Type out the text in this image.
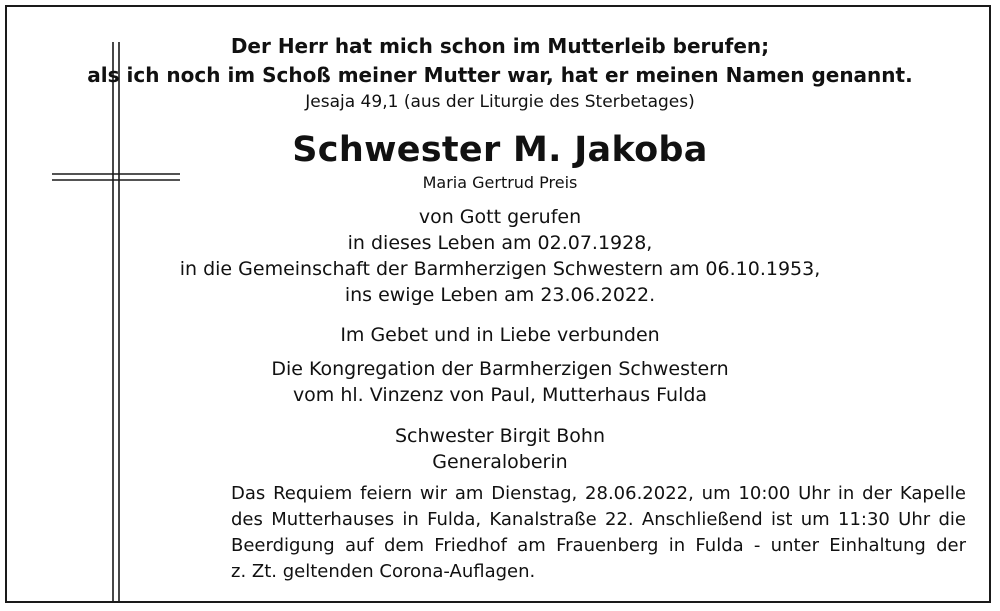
Der Herr hat mich schon im Mutterleib berufen;
als ich noch im Schoß meiner Mutter war, hat er meinen Namen genannt.
Jesaja 49,1 (aus der Liturgie des Sterbetages)
Schwester M. Jakoba
Maria Gertrud Preis
von Gott gerufen
in dieses Leben am 02.07.1928,
in die Gemeinschaft der Barmherzigen Schwestern am 06.10.1953,
ins ewige Leben am 23.06.2022.
Im Gebet und in Liebe verbunden
Die Kongregation der Barmherzigen Schwestern
vom hl. Vinzenz von Paul, Mutterhaus Fulda
Schwester Birgit Bohn
Generaloberin
Das Requiem feiern wir am Dienstag, 28.06.2022, um 10:00 Uhr in der Kapelle
des Mutterhauses in Fulda, Kanalstraße 22. Anschließend ist um 11:30 Uhr die
Beerdigung auf dem Friedhof am Frauenberg in Fulda - unter Einhaltung der
z. Zt. geltenden Corona-Auflagen.
